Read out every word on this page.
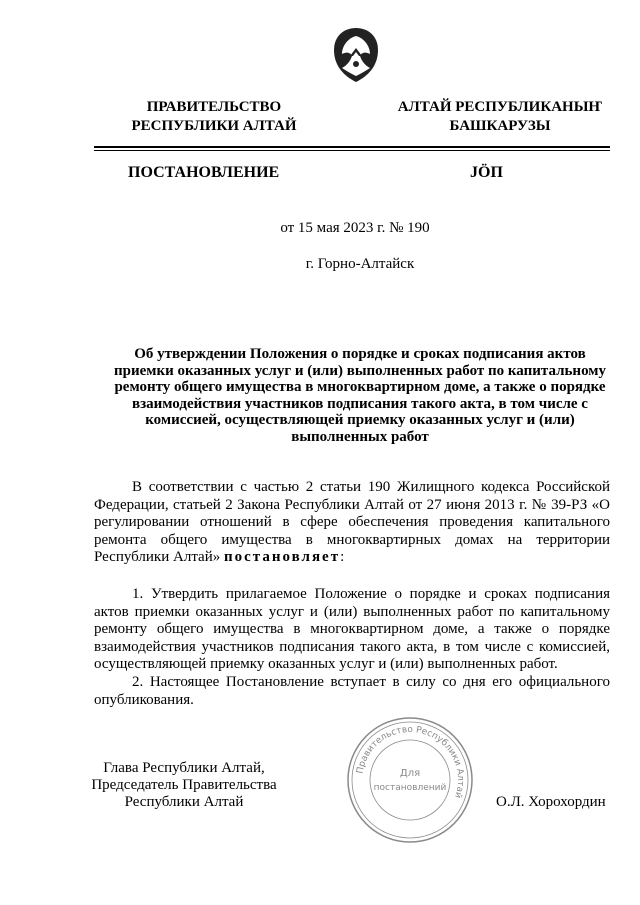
ПРАВИТЕЛЬСТВО
РЕСПУБЛИКИ АЛТАЙ
АЛТАЙ РЕСПУБЛИКАНЫҤ
БАШКАРУЗЫ
ПОСТАНОВЛЕНИЕ	JÖП
от 15 мая 2023 г. № 190
г. Горно-Алтайск
Об утверждении Положения о порядке и сроках подписания актов
приемки оказанных услуг и (или) выполненных работ по капитальному
ремонту общего имущества в многоквартирном доме, а также о порядке
взаимодействия участников подписания такого акта, в том числе с
комиссией, осуществляющей приемку оказанных услуг и (или)
выполненных работ
В соответствии с частью 2 статьи 190 Жилищного кодекса Российской Федерации, статьей 2 Закона Республики Алтай от 27 июня 2013 г. № 39-РЗ «О регулировании отношений в сфере обеспечения проведения капитального ремонта общего имущества в многоквартирных домах на территории Республики Алтай» постановляет:
1. Утвердить прилагаемое Положение о порядке и сроках подписания актов приемки оказанных услуг и (или) выполненных работ по капитальному ремонту общего имущества в многоквартирном доме, а также о порядке взаимодействия участников подписания такого акта, в том числе с комиссией, осуществляющей приемку оказанных услуг и (или) выполненных работ.
2. Настоящее Постановление вступает в силу со дня его официального опубликования.
Глава Республики Алтай,
Председатель Правительства
Республики Алтай	О.Л. Хорохордин
Правительство Республики Алтай
Для
постановлений
